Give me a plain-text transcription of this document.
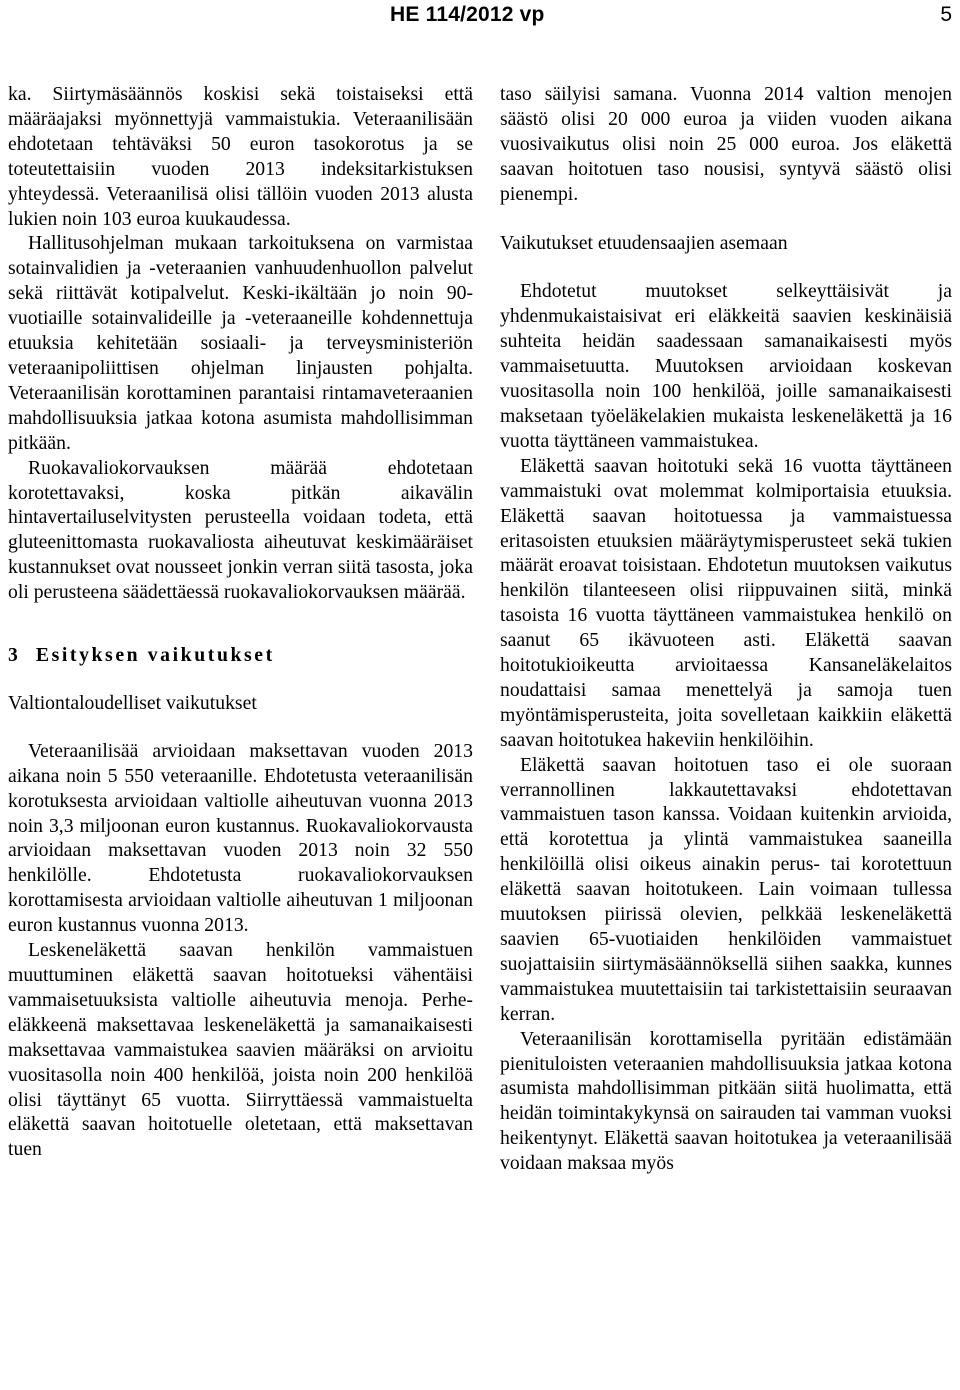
HE 114/2012 vp	5

ka. Siirtymäsäännös koskisi sekä toistaiseksi että määräajaksi myönnettyjä vammaistukia. Veteraanilisään ehdotetaan tehtäväksi 50 euron tasokorotus ja se toteutettaisiin vuoden 2013 indeksitarkistuksen yhteydessä. Veteraanilisä olisi tällöin vuoden 2013 alusta lukien noin 103 euroa kuukaudessa.

Hallitusohjelman mukaan tarkoituksena on varmistaa sotainvalidien ja -veteraanien vanhuudenhuollon palvelut sekä riittävät kotipalvelut. Keski-ikältään jo noin 90-vuotiaille sotainvalideille ja -veteraaneille kohdennettuja etuuksia kehitetään sosiaali- ja terveysministeriön veteraanipoliittisen ohjelman linjausten pohjalta. Veteraanilisän korottaminen parantaisi rintamaveteraanien mahdollisuuksia jatkaa kotona asumista mahdollisimman pitkään.

Ruokavaliokorvauksen määrää ehdotetaan korotettavaksi, koska pitkän aikavälin hintavertailuselvitysten perusteella voidaan todeta, että gluteenittomasta ruokavaliosta aiheutuvat keskimääräiset kustannukset ovat nousseet jonkin verran siitä tasosta, joka oli perusteena säädettäessä ruokavaliokorvauksen määrää.

3 Esityksen vaikutukset
Valtiontaloudelliset vaikutukset

Veteraanilisää arvioidaan maksettavan vuoden 2013 aikana noin 5 550 veteraanille. Ehdotetusta veteraanilisän korotuksesta arvioidaan valtiolle aiheutuvan vuonna 2013 noin 3,3 miljoonan euron kustannus. Ruokavaliokorvausta arvioidaan maksettavan vuoden 2013 noin 32 550 henkilölle. Ehdotetusta ruokavaliokorvauksen korottamisesta arvioidaan valtiolle aiheutuvan 1 miljoonan euron kustannus vuonna 2013.

Leskeneläkettä saavan henkilön vammaistuen muuttuminen eläkettä saavan hoitotueksi vähentäisi vammaisetuuksista valtiolle aiheutuvia menoja. Perhe-eläkkeenä maksettavaa leskeneläkettä ja samanaikaisesti maksettavaa vammaistukea saavien määräksi on arvioitu vuositasolla noin 400 henkilöä, joista noin 200 henkilöä olisi täyttänyt 65 vuotta. Siirryttäessä vammaistuelta eläkettä saavan hoitotuelle oletetaan, että maksettavan tuen

taso säilyisi samana. Vuonna 2014 valtion menojen säästö olisi 20 000 euroa ja viiden vuoden aikana vuosivaikutus olisi noin 25 000 euroa. Jos eläkettä saavan hoitotuen taso nousisi, syntyvä säästö olisi pienempi.

Vaikutukset etuudensaajien asemaan

Ehdotetut muutokset selkeyttäisivät ja yhdenmukaistaisivat eri eläkkeitä saavien keskinäisiä suhteita heidän saadessaan samanaikaisesti myös vammaisetuutta. Muutoksen arvioidaan koskevan vuositasolla noin 100 henkilöä, joille samanaikaisesti maksetaan työeläkelakien mukaista leskeneläkettä ja 16 vuotta täyttäneen vammaistukea.

Eläkettä saavan hoitotuki sekä 16 vuotta täyttäneen vammaistuki ovat molemmat kolmiportaisia etuuksia. Eläkettä saavan hoitotuessa ja vammaistuessa eritasoisten etuuksien määräytymisperusteet sekä tukien määrät eroavat toisistaan. Ehdotetun muutoksen vaikutus henkilön tilanteeseen olisi riippuvainen siitä, minkä tasoista 16 vuotta täyttäneen vammaistukea henkilö on saanut 65 ikävuoteen asti. Eläkettä saavan hoitotukioikeutta arvioitaessa Kansaneläkelaitos noudattaisi samaa menettelyä ja samoja tuen myöntämisperusteita, joita sovelletaan kaikkiin eläkettä saavan hoitotukea hakeviin henkilöihin.

Eläkettä saavan hoitotuen taso ei ole suoraan verrannollinen lakkautettavaksi ehdotettavan vammaistuen tason kanssa. Voidaan kuitenkin arvioida, että korotettua ja ylintä vammaistukea saaneilla henkilöillä olisi oikeus ainakin perus- tai korotettuun eläkettä saavan hoitotukeen. Lain voimaan tullessa muutoksen piirissä olevien, pelkkää leskeneläkettä saavien 65-vuotiaiden henkilöiden vammaistuet suojattaisiin siirtymäsäännöksellä siihen saakka, kunnes vammaistukea muutettaisiin tai tarkistettaisiin seuraavan kerran.

Veteraanilisän korottamisella pyritään edistämään pienituloisten veteraanien mahdollisuuksia jatkaa kotona asumista mahdollisimman pitkään siitä huolimatta, että heidän toimintakykynsä on sairauden tai vamman vuoksi heikentynyt. Eläkettä saavan hoitotukea ja veteraanilisää voidaan maksaa myös
